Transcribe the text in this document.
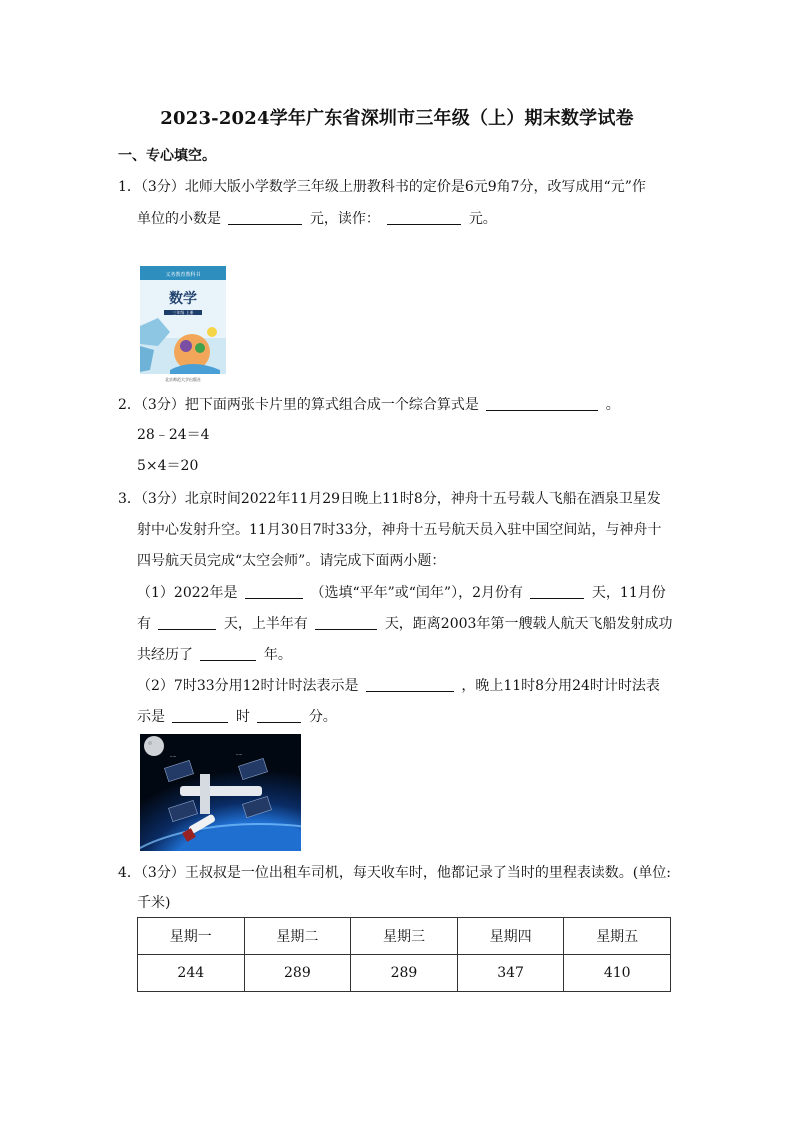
2023-2024学年广东省深圳市三年级（上）期末数学试卷
一、专心填空。
1．（3分）北师大版小学数学三年级上册教科书的定价是6元9角7分，改写成用“元”作
单位的小数是	元，读作：	元。
义务教育教科书
数学
三年级 上册
北京师范大学出版社
2．（3分）把下面两张卡片里的算式组合成一个综合算式是	。
28﹣24＝4
5×4＝20
3．（3分）北京时间2022年11月29日晚上11时8分，神舟十五号载人飞船在酒泉卫星发
射中心发射升空。11月30日7时33分，神舟十五号航天员入驻中国空间站，与神舟十
四号航天员完成“太空会师”。请完成下面两小题：
（1）2022年是	（选填“平年”或“闰年”），2月份有	天，11月份
有	天，上半年有	天，距离2003年第一艘载人航天飞船发射成功
共经历了	年。
（2）7时33分用12时计时法表示是	，晚上11时8分用24时计时法表
示是	时	分。
·····
·····
4．（3分）王叔叔是一位出租车司机，每天收车时，他都记录了当时的里程表读数。(单位:
千米)
星期一	星期二	星期三	星期四	星期五
244	289	289	347	410
